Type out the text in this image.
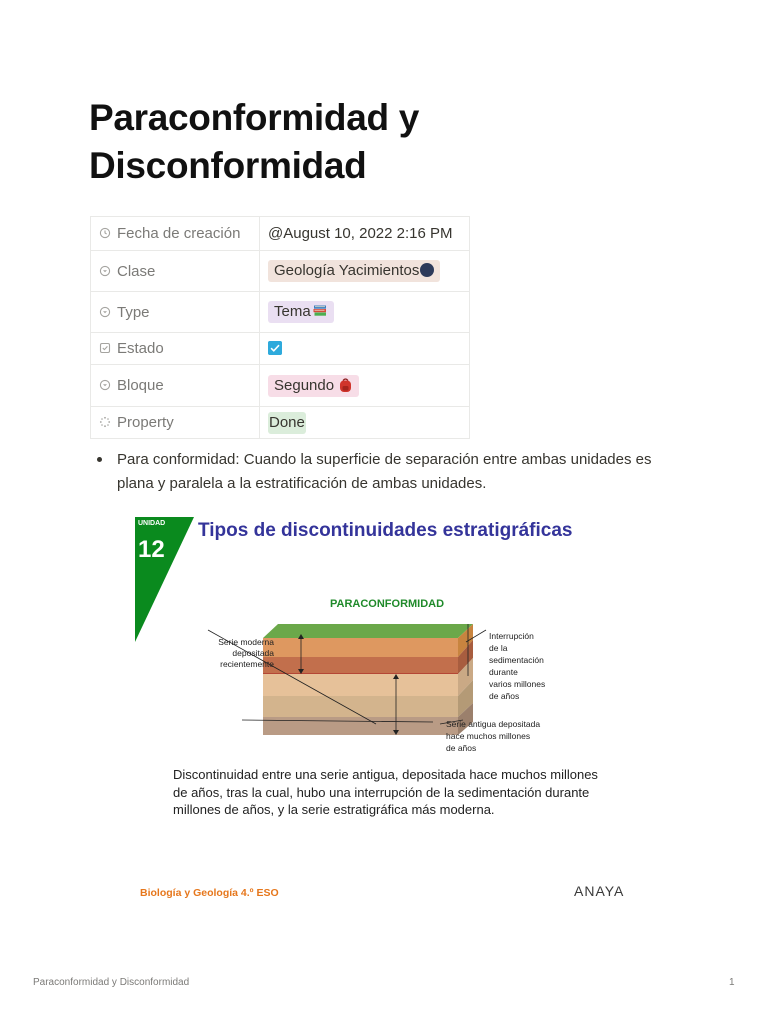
Paraconformidad y Disconformidad
Fecha de creación	@August 10, 2022 2:16 PM
Clase	Geología Yacimientos
Type	Tema
Estado	
Bloque	Segundo
Property	Done
Para conformidad: Cuando la superficie de separación entre ambas unidades es plana y paralela a la estratificación de ambas unidades.
UNIDAD
12
PARACONFORMIDAD
Serie moderna
depositada
recientemente
Interrupción
de la
sedimentación
durante
varios millones
de años
Serie antigua depositada
hace muchos millones
de años
Tipos de discontinuidades estratigráficas
Discontinuidad entre una serie antigua, depositada hace muchos millones de años, tras la cual, hubo una interrupción de la sedimentación durante millones de años, y la serie estratigráfica más moderna.
Biología y Geología 4.º ESO	ANAYA
Paraconformidad y Disconformidad	1
